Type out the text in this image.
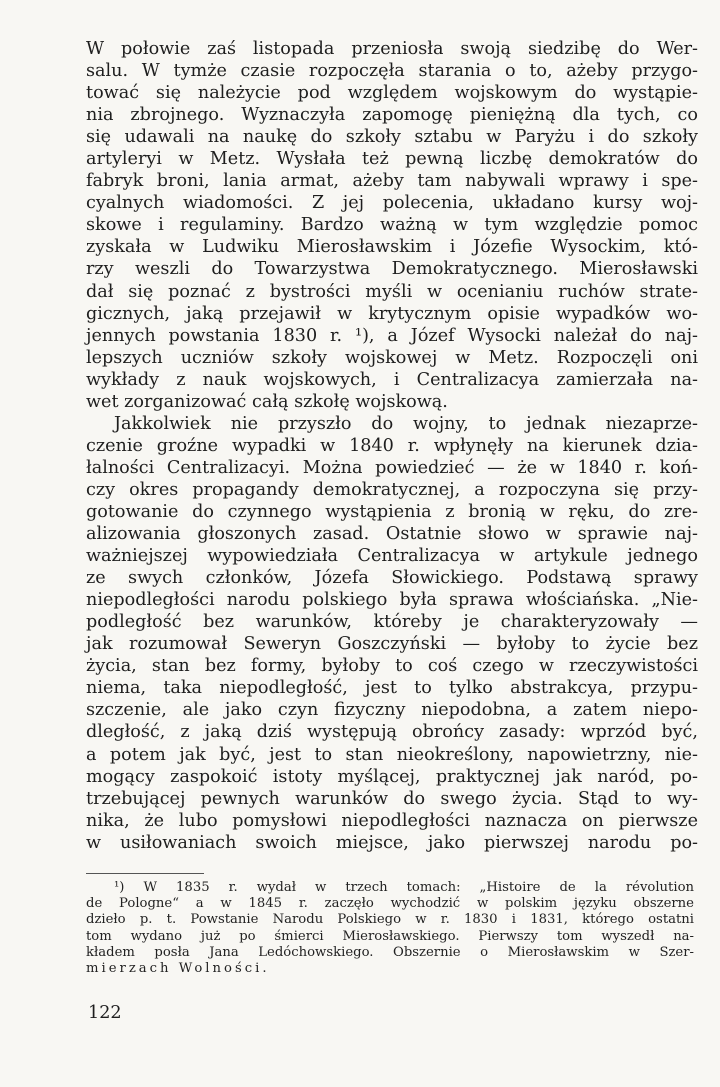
W połowie zaś listopada przeniosła swoją siedzibę do Wer-
salu. W tymże czasie rozpoczęła starania o to, ażeby przygo-
tować się należycie pod względem wojskowym do wystąpie-
nia zbrojnego. Wyznaczyła zapomogę pieniężną dla tych, co
się udawali na naukę do szkoły sztabu w Paryżu i do szkoły
artyleryi w Metz. Wysłała też pewną liczbę demokratów do
fabryk broni, lania armat, ażeby tam nabywali wprawy i spe-
cyalnych wiadomości. Z jej polecenia, układano kursy woj-
skowe i regulaminy. Bardzo ważną w tym względzie pomoc
zyskała w Ludwiku Mierosławskim i Józefie Wysockim, któ-
rzy weszli do Towarzystwa Demokratycznego. Mierosławski
dał się poznać z bystrości myśli w ocenianiu ruchów strate-
gicznych, jaką przejawił w krytycznym opisie wypadków wo-
jennych powstania 1830 r. ¹), a Józef Wysocki należał do naj-
lepszych uczniów szkoły wojskowej w Metz. Rozpoczęli oni
wykłady z nauk wojskowych, i Centralizacya zamierzała na-
wet zorganizować całą szkołę wojskową.
Jakkolwiek nie przyszło do wojny, to jednak niezaprze-
czenie groźne wypadki w 1840 r. wpłynęły na kierunek dzia-
łalności Centralizacyi. Można powiedzieć — że w 1840 r. koń-
czy okres propagandy demokratycznej, a rozpoczyna się przy-
gotowanie do czynnego wystąpienia z bronią w ręku, do zre-
alizowania głoszonych zasad. Ostatnie słowo w sprawie naj-
ważniejszej wypowiedziała Centralizacya w artykule jednego
ze swych członków, Józefa Słowickiego. Podstawą sprawy
niepodległości narodu polskiego była sprawa włościańska. „Nie-
podległość bez warunków, któreby je charakteryzowały —
jak rozumował Seweryn Goszczyński — byłoby to życie bez
życia, stan bez formy, byłoby to coś czego w rzeczywistości
niema, taka niepodległość, jest to tylko abstrakcya, przypu-
szczenie, ale jako czyn fizyczny niepodobna, a zatem niepo-
dległość, z jaką dziś występują obrońcy zasady: wprzód być,
a potem jak być, jest to stan nieokreślony, napowietrzny, nie-
mogący zaspokoić istoty myślącej, praktycznej jak naród, po-
trzebującej pewnych warunków do swego życia. Stąd to wy-
nika, że lubo pomysłowi niepodległości naznacza on pierwsze
w usiłowaniach swoich miejsce, jako pierwszej narodu po-
¹) W 1835 r. wydał w trzech tomach: „Histoire de la révolution
de Pologne“ a w 1845 r. zaczęło wychodzić w polskim języku obszerne
dzieło p. t. Powstanie Narodu Polskiego w r. 1830 i 1831, którego ostatni
tom wydano już po śmierci Mierosławskiego. Pierwszy tom wyszedł na-
kładem posła Jana Ledóchowskiego. Obszernie o Mierosławskim w Szer-
mierzach Wolności.
122
